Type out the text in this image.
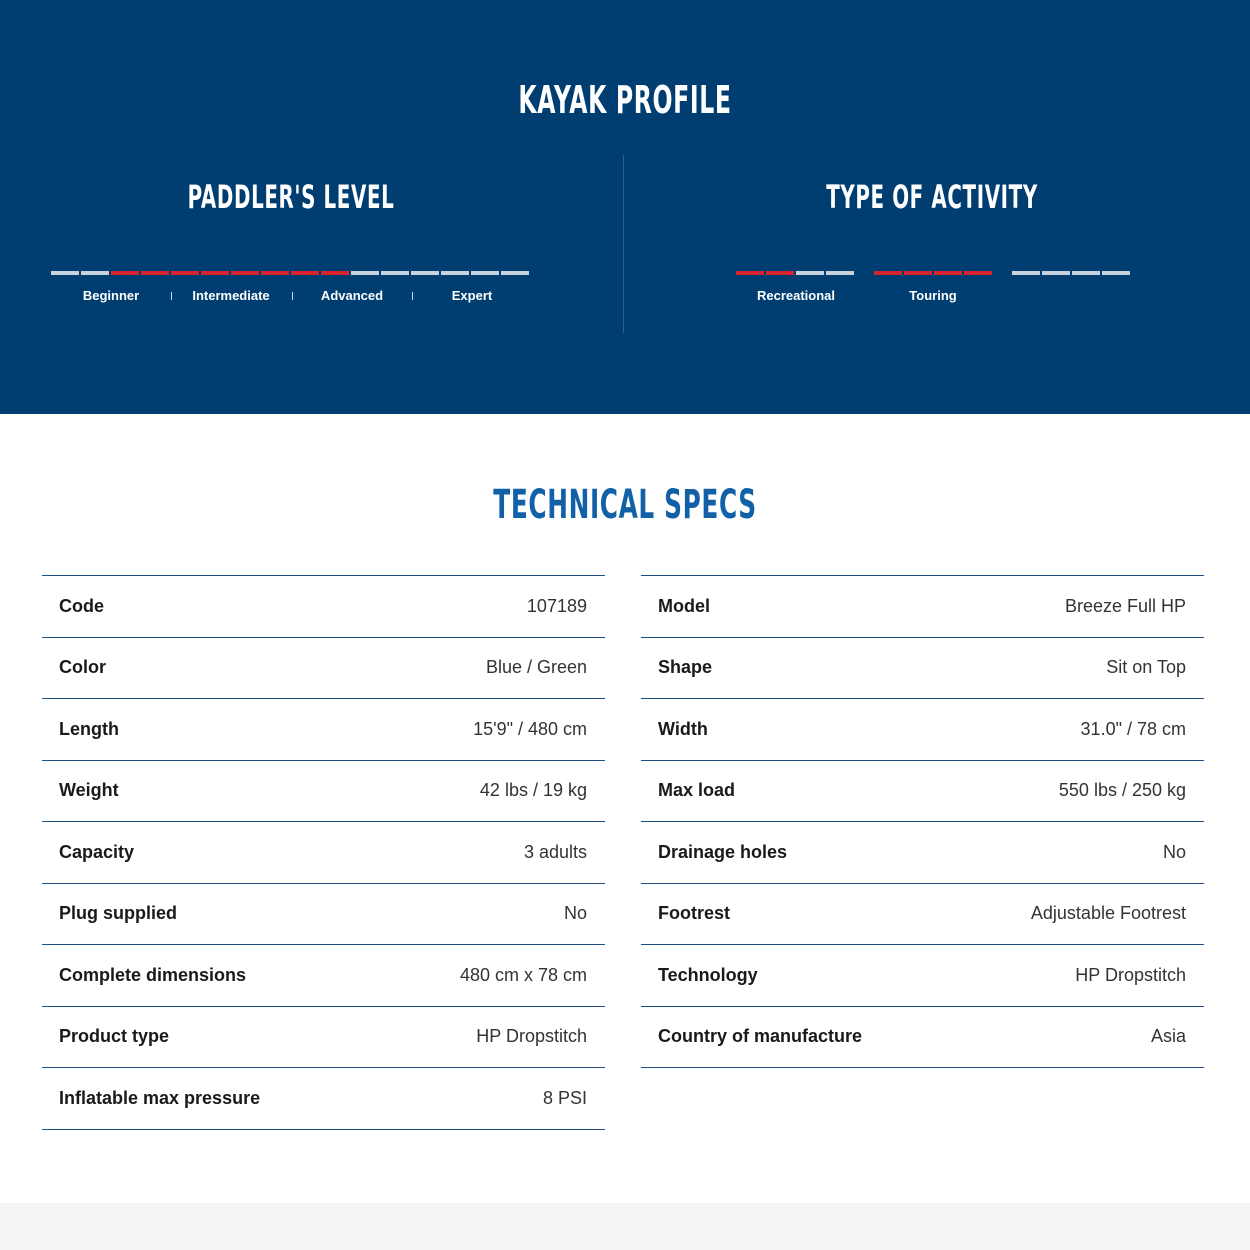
KAYAK PROFILE
PADDLER'S LEVEL
Beginner	Intermediate	Advanced	Expert
TYPE OF ACTIVITY
Recreational	Touring
TECHNICAL SPECS
Code	107189
Color	Blue / Green
Length	15'9" / 480 cm
Weight	42 lbs / 19 kg
Capacity	3 adults
Plug supplied	No
Complete dimensions	480 cm x 78 cm
Product type	HP Dropstitch
Inflatable max pressure	8 PSI
Model	Breeze Full HP
Shape	Sit on Top
Width	31.0" / 78 cm
Max load	550 lbs / 250 kg
Drainage holes	No
Footrest	Adjustable Footrest
Technology	HP Dropstitch
Country of manufacture	Asia
